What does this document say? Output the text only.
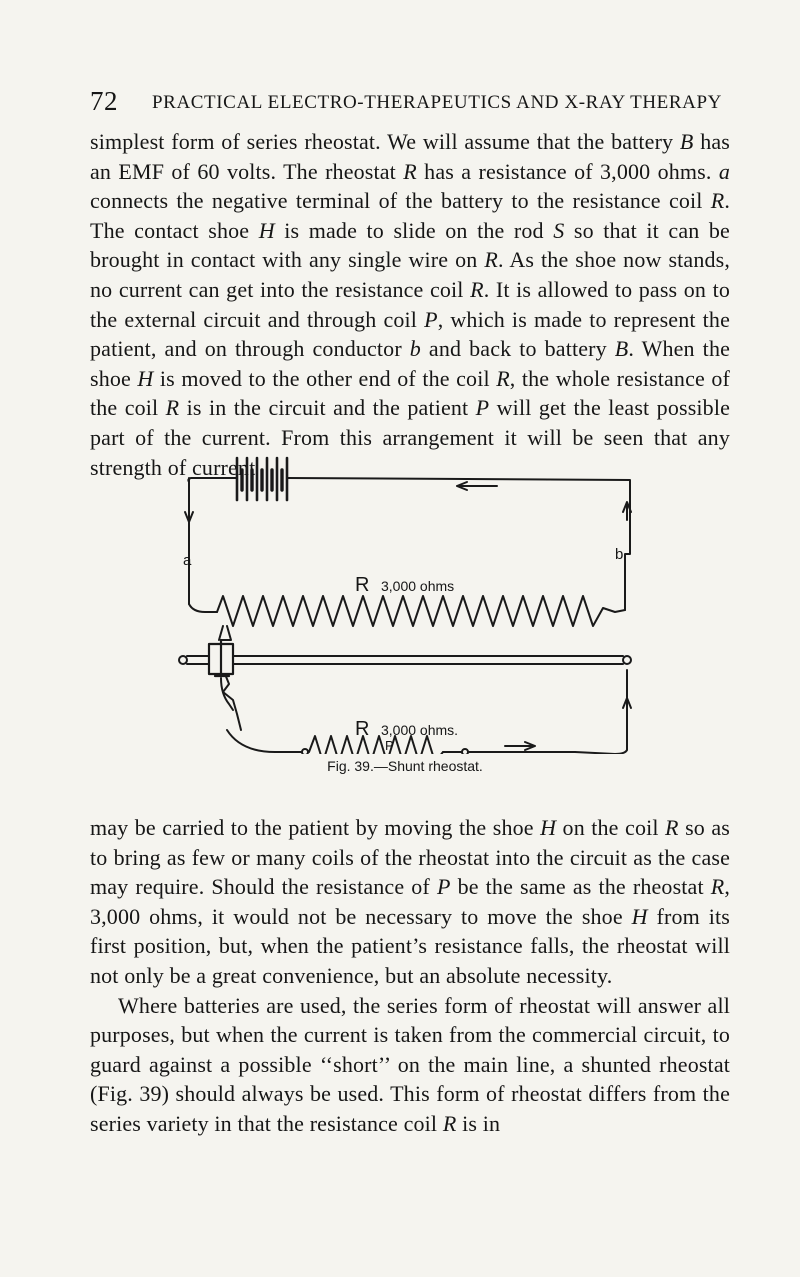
72 PRACTICAL ELECTRO-THERAPEUTICS AND X-RAY THERAPY

simplest form of series rheostat. We will assume that the battery B has an EMF of 60 volts. The rheostat R has a resistance of 3,000 ohms. a connects the negative terminal of the battery to the resistance coil R. The contact shoe H is made to slide on the rod S so that it can be brought in contact with any single wire on R. As the shoe now stands, no current can get into the resistance coil R. It is allowed to pass on to the external circuit and through coil P, which is made to represent the patient, and on through conductor b and back to battery B. When the shoe H is moved to the other end of the coil R, the whole resistance of the coil R is in the circuit and the patient P will get the least possible part of the current. From this arrangement it will be seen that any strength of current

a	b
R 3,000 ohms
R 3,000 ohms.
P
Fig. 39.—Shunt rheostat.

may be carried to the patient by moving the shoe H on the coil R so as to bring as few or many coils of the rheostat into the circuit as the case may require. Should the resistance of P be the same as the rheostat R, 3,000 ohms, it would not be necessary to move the shoe H from its first position, but, when the patient’s resistance falls, the rheostat will not only be a great convenience, but an absolute necessity.

Where batteries are used, the series form of rheostat will answer all purposes, but when the current is taken from the commercial circuit, to guard against a possible ‘‘short’’ on the main line, a shunted rheostat (Fig. 39) should always be used. This form of rheostat differs from the series variety in that the resistance coil R is in
